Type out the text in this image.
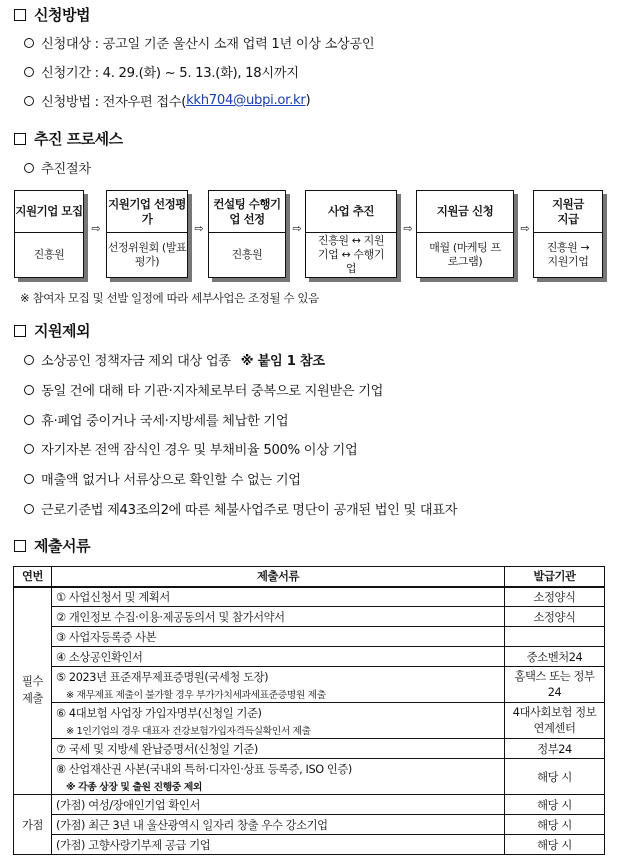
신청방법
신청대상 : 공고일 기준 울산시 소재 업력 1년 이상 소상공인
신청기간 : 4. 29.(화) ~ 5. 13.(화), 18시까지
신청방법 : 전자우편 접수( kkh704@ubpi.or.kr )
추진 프로세스
추진절차
지원기업 모집
진흥원
⇨
지원기업 선정평가
선정위원회 (발표평가)
⇨
컨설팅 수행기업 선정
진흥원
⇨
사업 추진
진흥원 ↔ 지원기업 ↔ 수행기업
⇨
지원금 신청
매월 (마케팅 프로그램)
⇨
지원금 지급
진흥원 → 지원기업
※ 참여자 모집 및 선발 일정에 따라 세부사업은 조정될 수 있음
지원제외
소상공인 정책자금 제외 대상 업종 ※ 붙임 1 참조
동일 건에 대해 타 기관·지자체로부터 중복으로 지원받은 기업
휴·폐업 중이거나 국세·지방세를 체납한 기업
자기자본 전액 잠식인 경우 및 부채비율 500% 이상 기업
매출액 없거나 서류상으로 확인할 수 없는 기업
근로기준법 제43조의2에 따른 체불사업주로 명단이 공개된 법인 및 대표자
제출서류
연번	제출서류	발급기관
필수 제출	① 사업신청서 및 계획서	소정양식
	② 개인정보 수집·이용·제공동의서 및 참가서약서	소정양식
	③ 사업자등록증 사본	
	④ 소상공인확인서	중소벤처24
	⑤ 2023년 표준재무제표증명원(국세청 도장)	홈택스 또는 정부24
	※ 재무제표 제출이 불가할 경우 부가가치세과세표준증명원 제출	
	⑥ 4대보험 사업장 가입자명부(신청일 기준)	4대사회보험 정보연계센터
	※ 1인기업의 경우 대표자 건강보험가입자격득실확인서 제출	
	⑦ 국세 및 지방세 완납증명서(신청일 기준)	정부24
	⑧ 산업재산권 사본(국내외 특허·디자인·상표 등록증, ISO 인증)	해당 시
	※ 각종 상장 및 출원 진행중 제외	
가점	(가점) 여성/장애인기업 확인서	해당 시
	(가점) 최근 3년 내 울산광역시 일자리 창출 우수 강소기업	해당 시
	(가점) 고향사랑기부제 공급 기업	해당 시
